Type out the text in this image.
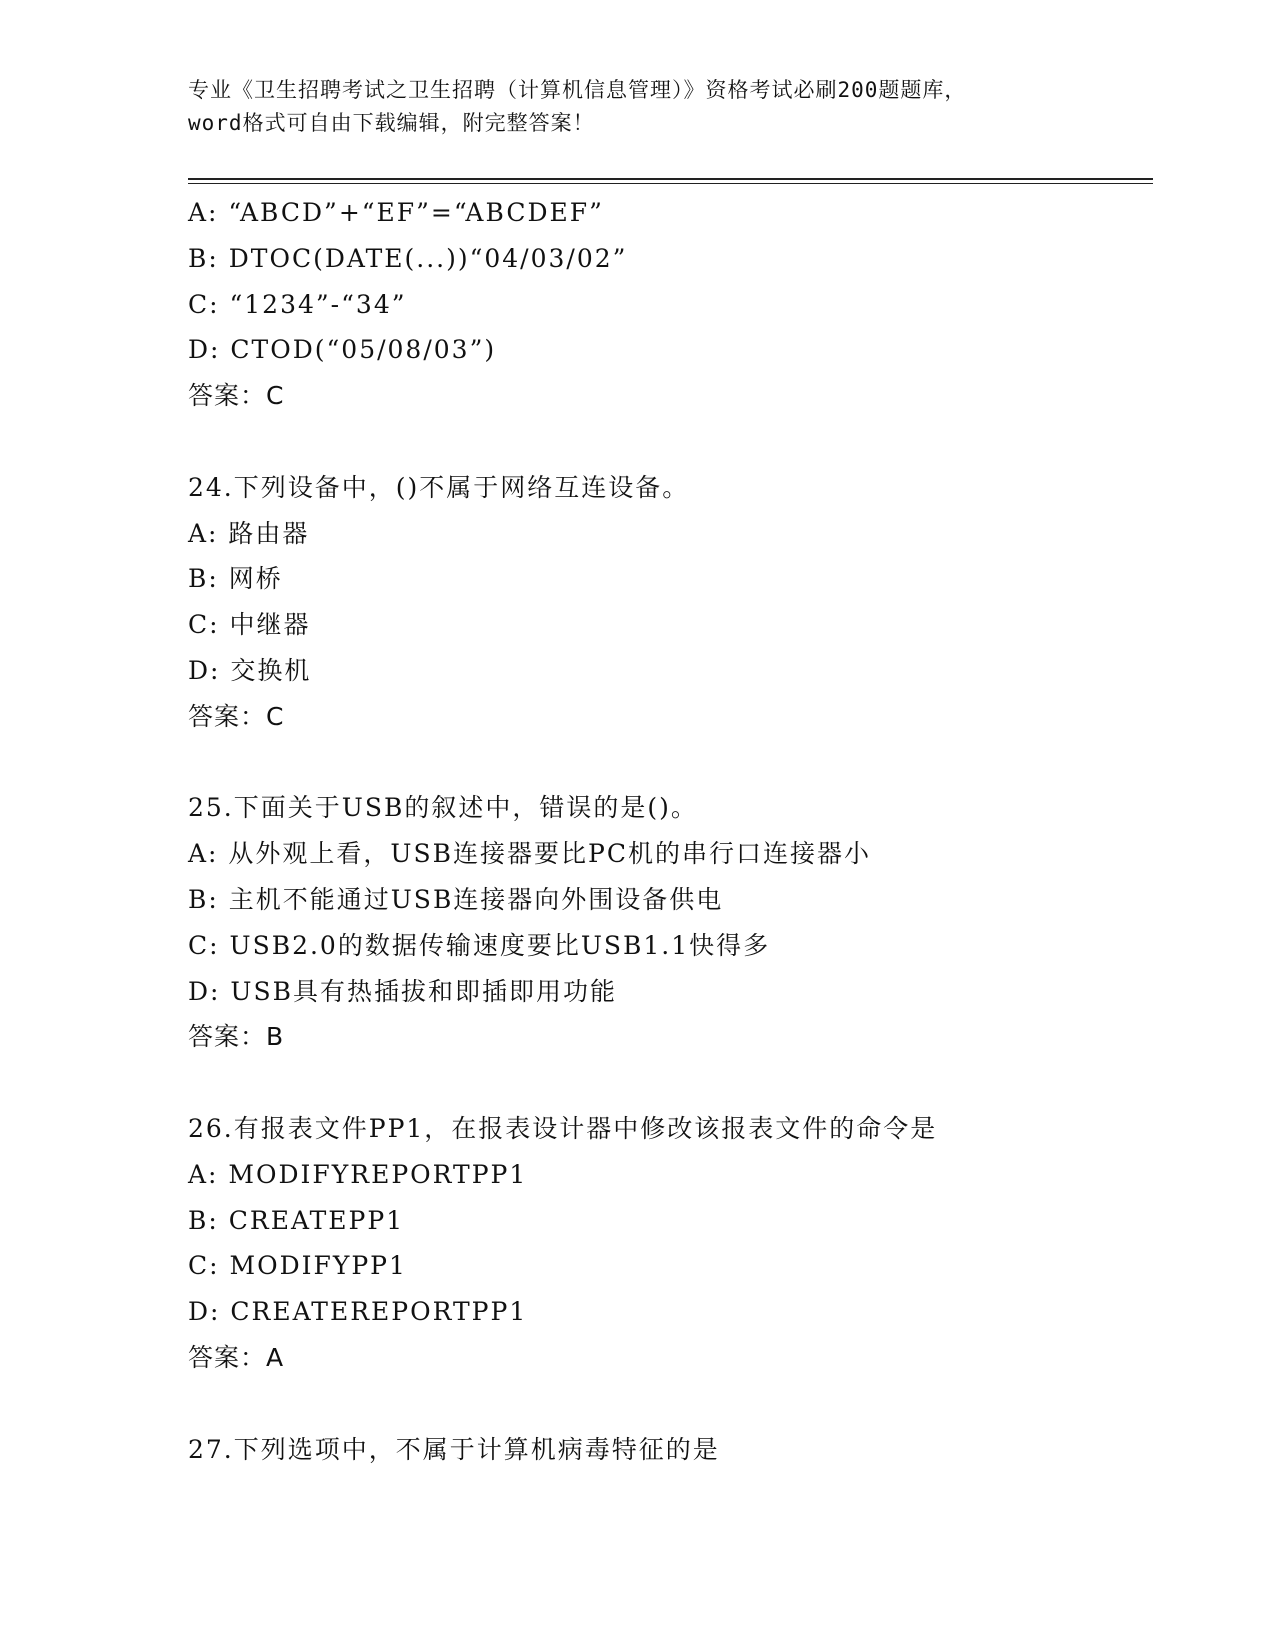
专业《卫生招聘考试之卫生招聘（计算机信息管理）》资格考试必刷200题题库，
word格式可自由下载编辑，附完整答案！
A: “ABCD”+“EF”=“ABCDEF”
B: DTOC(DATE(...))“04/03/02”
C: “1234”-“34”
D: CTOD(“05/08/03”)
答案：C
24.下列设备中，()不属于网络互连设备。
A: 路由器
B: 网桥
C: 中继器
D: 交换机
答案：C
25.下面关于USB的叙述中，错误的是()。
A: 从外观上看，USB连接器要比PC机的串行口连接器小
B: 主机不能通过USB连接器向外围设备供电
C: USB2.0的数据传输速度要比USB1.1快得多
D: USB具有热插拔和即插即用功能
答案：B
26.有报表文件PP1，在报表设计器中修改该报表文件的命令是
A: MODIFYREPORTPP1
B: CREATEPP1
C: MODIFYPP1
D: CREATEREPORTPP1
答案：A
27.下列选项中，不属于计算机病毒特征的是
